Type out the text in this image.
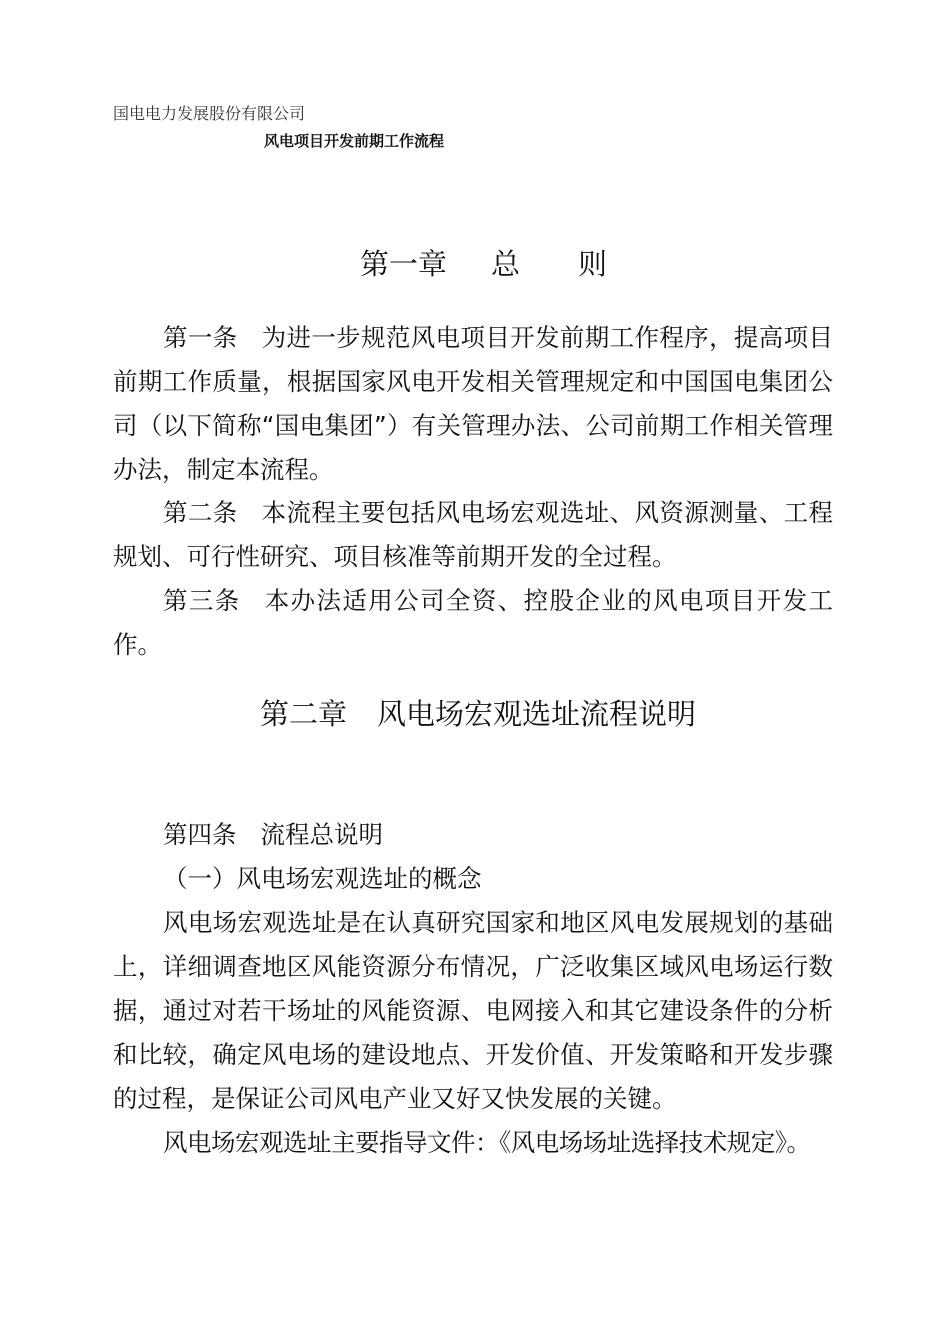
国电电力发展股份有限公司
风电项目开发前期工作流程
第一章 总 则
第一条 为进一步规范风电项目开发前期工作程序，提高项目前期工作质量，根据国家风电开发相关管理规定和中国国电集团公司（以下简称“国电集团”）有关管理办法、公司前期工作相关管理办法，制定本流程。
第二条 本流程主要包括风电场宏观选址、风资源测量、工程规划、可行性研究、项目核准等前期开发的全过程。
第三条 本办法适用公司全资、控股企业的风电项目开发工作。
第二章 风电场宏观选址流程说明
第四条 流程总说明
（一）风电场宏观选址的概念
风电场宏观选址是在认真研究国家和地区风电发展规划的基础上，详细调查地区风能资源分布情况，广泛收集区域风电场运行数据，通过对若干场址的风能资源、电网接入和其它建设条件的分析和比较，确定风电场的建设地点、开发价值、开发策略和开发步骤的过程，是保证公司风电产业又好又快发展的关键。
风电场宏观选址主要指导文件：《风电场场址选择技术规定》。
